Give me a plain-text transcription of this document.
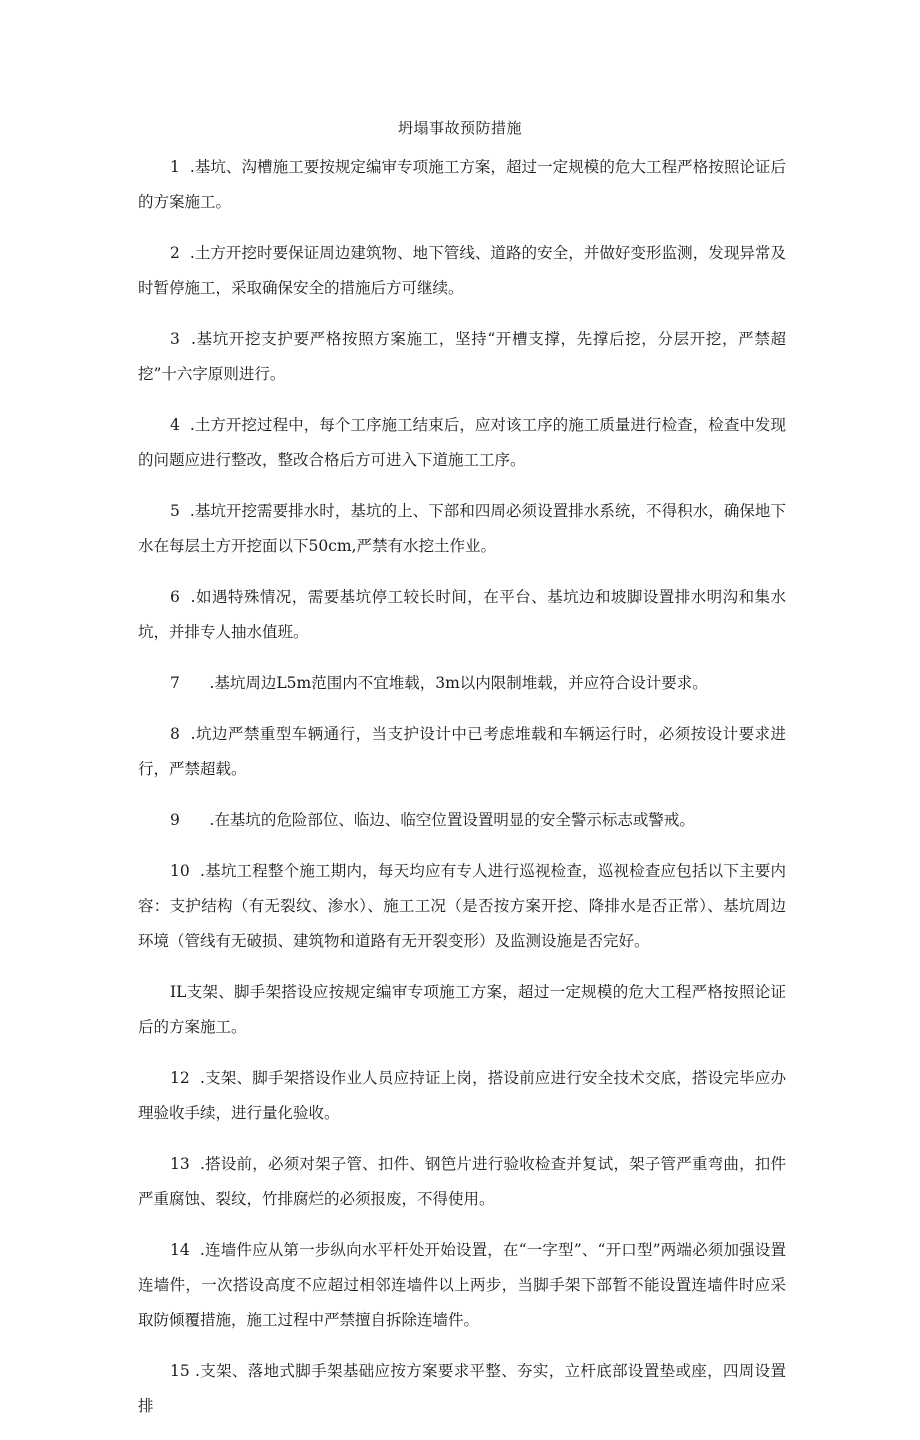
坍塌事故预防措施

1  .基坑、沟槽施工要按规定编审专项施工方案，超过一定规模的危大工程严格按照论证后的方案施工。

2  .土方开挖时要保证周边建筑物、地下管线、道路的安全，并做好变形监测，发现异常及时暂停施工，采取确保安全的措施后方可继续。

3  .基坑开挖支护要严格按照方案施工，坚持“开槽支撑，先撑后挖，分层开挖，严禁超挖”十六字原则进行。

4  .土方开挖过程中，每个工序施工结束后，应对该工序的施工质量进行检查，检查中发现的问题应进行整改，整改合格后方可进入下道施工工序。

5  .基坑开挖需要排水时，基坑的上、下部和四周必须设置排水系统，不得积水，确保地下水在每层土方开挖面以下50cm,严禁有水挖土作业。

6  .如遇特殊情况，需要基坑停工较长时间，在平台、基坑边和坡脚设置排水明沟和集水坑，并排专人抽水值班。

7      .基坑周边L5m范围内不宜堆载，3m以内限制堆载，并应符合设计要求。

8  .坑边严禁重型车辆通行，当支护设计中已考虑堆载和车辆运行时，必须按设计要求进行，严禁超载。

9      .在基坑的危险部位、临边、临空位置设置明显的安全警示标志或警戒。

10  .基坑工程整个施工期内，每天均应有专人进行巡视检查，巡视检查应包括以下主要内容：支护结构（有无裂纹、渗水）、施工工况（是否按方案开挖、降排水是否正常）、基坑周边环境（管线有无破损、建筑物和道路有无开裂变形）及监测设施是否完好。

IL支架、脚手架搭设应按规定编审专项施工方案，超过一定规模的危大工程严格按照论证后的方案施工。

12  .支架、脚手架搭设作业人员应持证上岗，搭设前应进行安全技术交底，搭设完毕应办理验收手续，进行量化验收。

13  .搭设前，必须对架子管、扣件、钢笆片进行验收检查并复试，架子管严重弯曲，扣件严重腐蚀、裂纹，竹排腐烂的必须报废，不得使用。

14  .连墙件应从第一步纵向水平杆处开始设置，在“一字型”、“开口型”两端必须加强设置连墙件，一次搭设高度不应超过相邻连墙件以上两步，当脚手架下部暂不能设置连墙件时应采取防倾覆措施，施工过程中严禁擅自拆除连墙件。

15 .支架、落地式脚手架基础应按方案要求平整、夯实，立杆底部设置垫或座，四周设置排
